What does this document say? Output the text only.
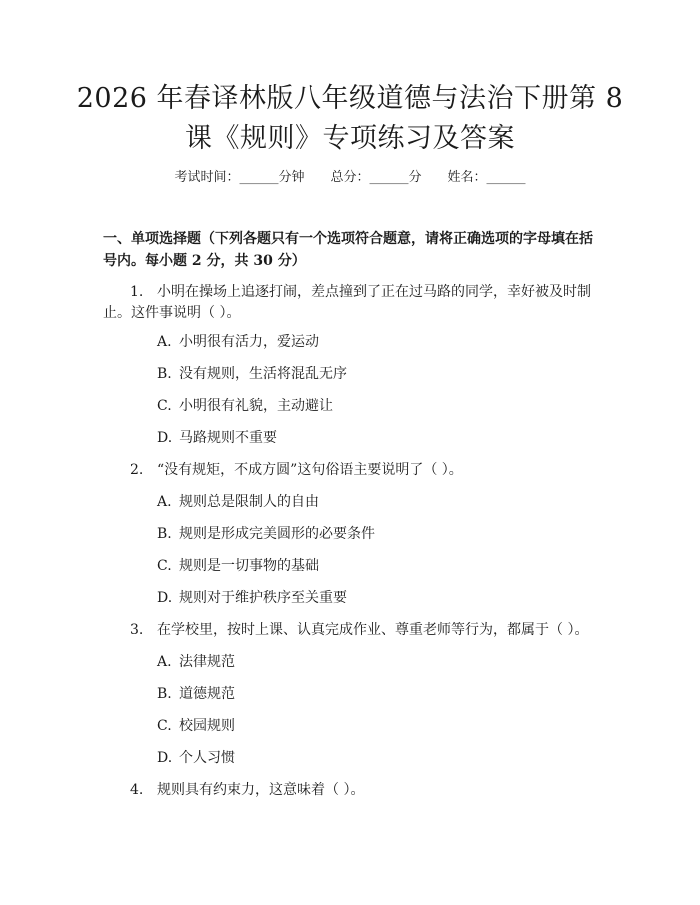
2026 年春译林版八年级道德与法治下册第 8
课《规则》专项练习及答案
考试时间：______分钟 总分：______分 姓名：______
一、单项选择题（下列各题只有一个选项符合题意，请将正确选项的字母填在括
号内。每小题 2 分，共 30 分）
1. 小明在操场上追逐打闹，差点撞到了正在过马路的同学，幸好被及时制止。这件事说明（ ）。
A. 小明很有活力，爱运动
B. 没有规则，生活将混乱无序
C. 小明很有礼貌，主动避让
D. 马路规则不重要
2. “没有规矩，不成方圆”这句俗语主要说明了（ ）。
A. 规则总是限制人的自由
B. 规则是形成完美圆形的必要条件
C. 规则是一切事物的基础
D. 规则对于维护秩序至关重要
3. 在学校里，按时上课、认真完成作业、尊重老师等行为，都属于（ ）。
A. 法律规范
B. 道德规范
C. 校园规则
D. 个人习惯
4. 规则具有约束力，这意味着（ ）。
